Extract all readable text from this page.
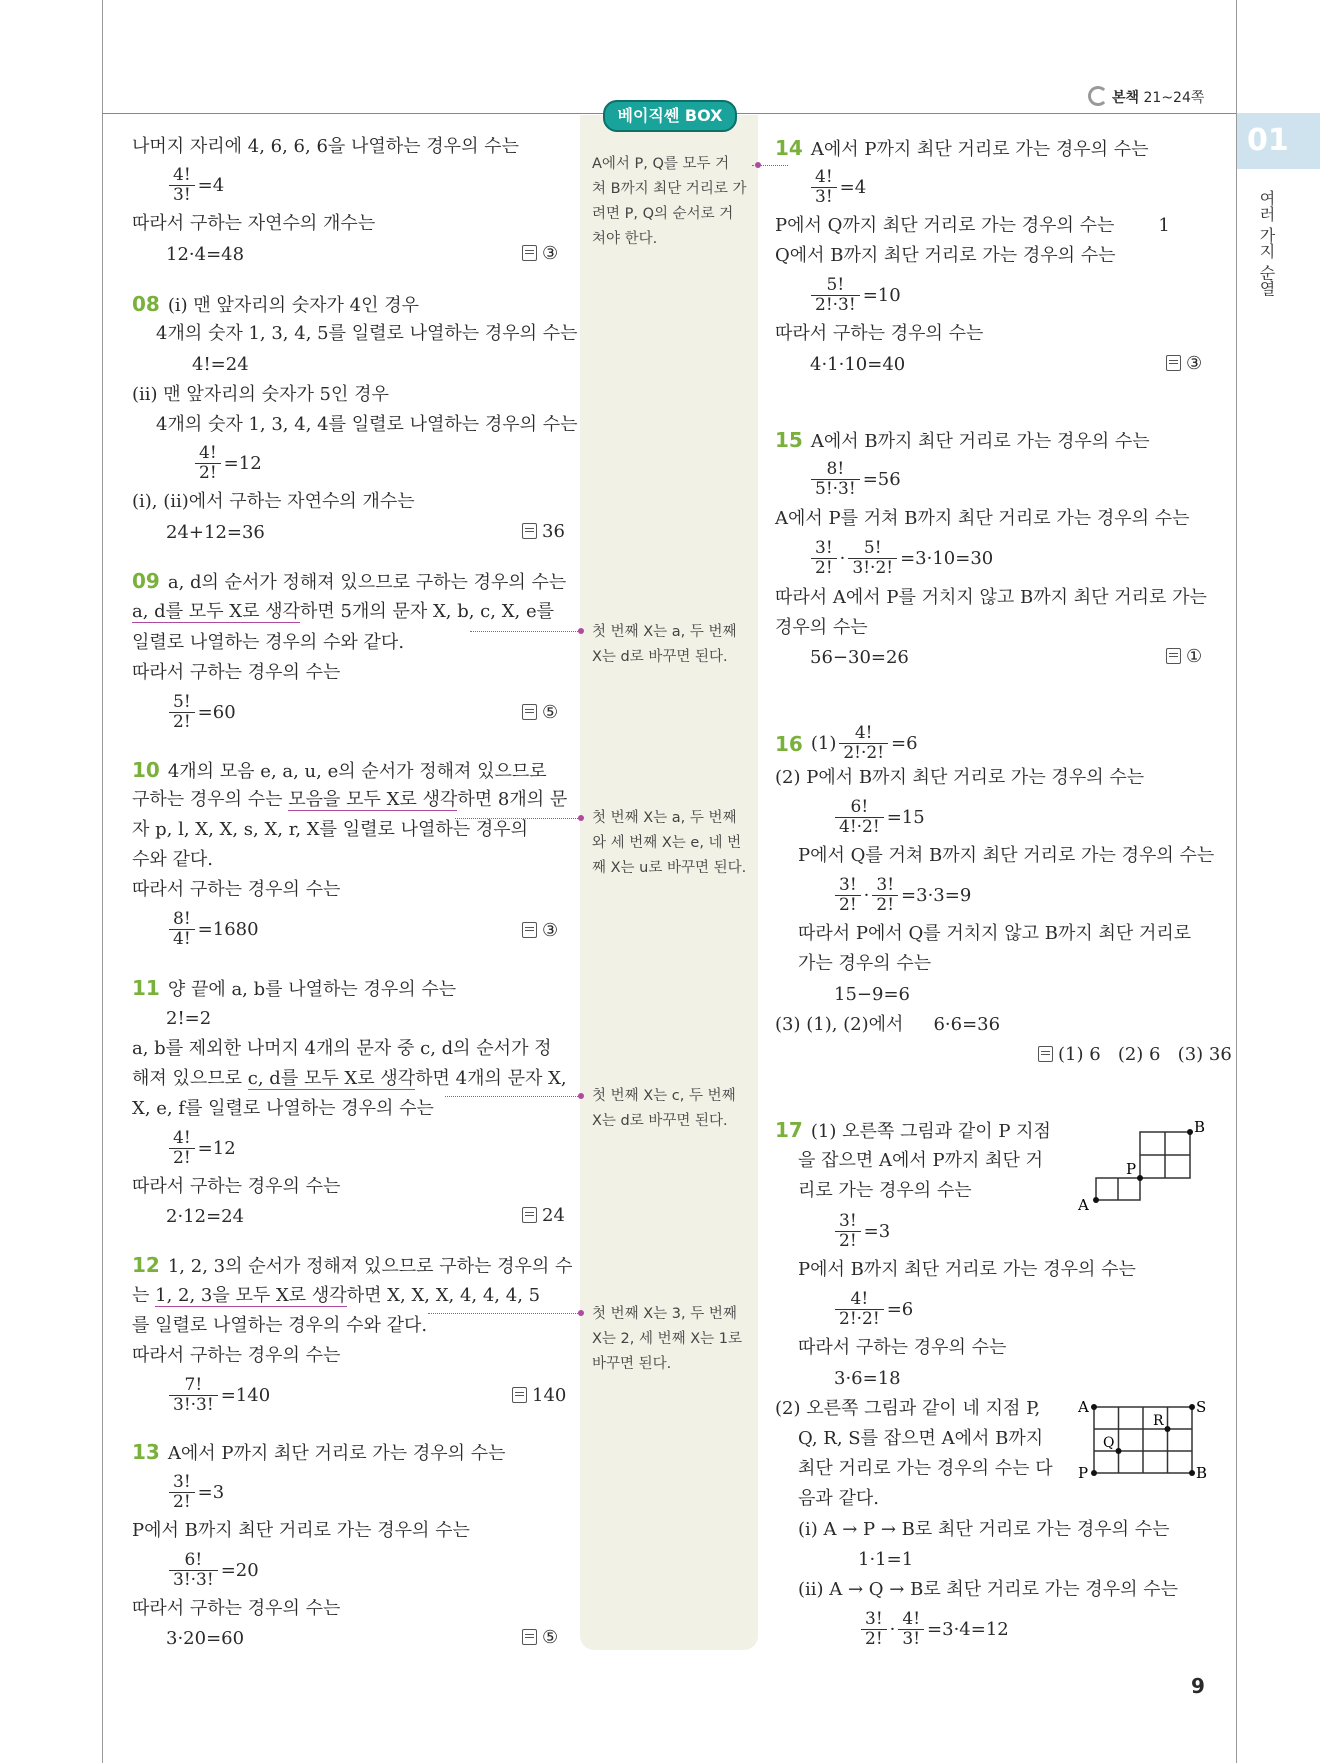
본책 21~24쪽
베이직쎈 BOX
01
여러 가지 순열
9
나머지 자리에 4, 6, 6, 6을 나열하는 경우의 수는
$\frac{4!}{3!} =4$
따라서 구하는 자연수의 개수는
12·4=48	③
08 (i) 맨 앞자리의 숫자가 4인 경우
4개의 숫자 1, 3, 4, 5를 일렬로 나열하는 경우의 수는
4!=24
(ii) 맨 앞자리의 숫자가 5인 경우
4개의 숫자 1, 3, 4, 4를 일렬로 나열하는 경우의 수는
$\frac{4!}{2!} =12$
(i), (ii)에서 구하는 자연수의 개수는
24+12=36	36
09 a, d의 순서가 정해져 있으므로 구하는 경우의 수는
a, d를 모두 X로 생각하면 5개의 문자 X, b, c, X, e를
일렬로 나열하는 경우의 수와 같다.
따라서 구하는 경우의 수는
$\frac{5!}{2!} =60$	⑤
10 4개의 모음 e, a, u, e의 순서가 정해져 있으므로
구하는 경우의 수는 모음을 모두 X로 생각하면 8개의 문
자 p, l, X, X, s, X, r, X를 일렬로 나열하는 경우의
수와 같다.
따라서 구하는 경우의 수는
$\frac{8!}{4!} =1680$	③
11 양 끝에 a, b를 나열하는 경우의 수는
2!=2
a, b를 제외한 나머지 4개의 문자 중 c, d의 순서가 정
해져 있으므로 c, d를 모두 X로 생각하면 4개의 문자 X,
X, e, f를 일렬로 나열하는 경우의 수는
$\frac{4!}{2!} =12$
따라서 구하는 경우의 수는
2·12=24	24
12 1, 2, 3의 순서가 정해져 있으므로 구하는 경우의 수
는 1, 2, 3을 모두 X로 생각하면 X, X, X, 4, 4, 4, 5
를 일렬로 나열하는 경우의 수와 같다.
따라서 구하는 경우의 수는
$\frac{7!}{3!\cdot 3!} =140$	140
13 A에서 P까지 최단 거리로 가는 경우의 수는
$\frac{3!}{2!} =3$
P에서 B까지 최단 거리로 가는 경우의 수는
$\frac{6!}{3!\cdot 3!} =20$
따라서 구하는 경우의 수는
3·20=60	⑤
A에서 P, Q를 모두 거
쳐 B까지 최단 거리로 가
려면 P, Q의 순서로 거
쳐야 한다.
첫 번째 X는 a, 두 번째
X는 d로 바꾸면 된다.
첫 번째 X는 a, 두 번째
와 세 번째 X는 e, 네 번
째 X는 u로 바꾸면 된다.
첫 번째 X는 c, 두 번째
X는 d로 바꾸면 된다.
첫 번째 X는 3, 두 번째
X는 2, 세 번째 X는 1로
바꾸면 된다.
14 A에서 P까지 최단 거리로 가는 경우의 수는
$\frac{4!}{3!} =4$
P에서 Q까지 최단 거리로 가는 경우의 수는 1
Q에서 B까지 최단 거리로 가는 경우의 수는
$\frac{5!}{2!\cdot 3!} =10$
따라서 구하는 경우의 수는
4·1·10=40	③
15 A에서 B까지 최단 거리로 가는 경우의 수는
$\frac{8!}{5!\cdot 3!} =56$
A에서 P를 거쳐 B까지 최단 거리로 가는 경우의 수는
$\frac{3!}{2!} \cdot \frac{5!}{3!\cdot 2!} =3\cdot 10=30$
따라서 A에서 P를 거치지 않고 B까지 최단 거리로 가는
경우의 수는
56−30=26	①
16 $(1) \frac{4!}{2!\cdot 2!} =6$
(2) P에서 B까지 최단 거리로 가는 경우의 수는
$\frac{6!}{4!\cdot 2!} =15$
P에서 Q를 거쳐 B까지 최단 거리로 가는 경우의 수는
$\frac{3!}{2!} \cdot \frac{3!}{2!} =3\cdot 3=9$
따라서 P에서 Q를 거치지 않고 B까지 최단 거리로
가는 경우의 수는
15−9=6
(3) (1), (2)에서 6·6=36
(1) 6   (2) 6   (3) 36
17 (1) 오른쪽 그림과 같이 P 지점
을 잡으면 A에서 P까지 최단 거
리로 가는 경우의 수는
$\frac{3!}{2!} =3$
P에서 B까지 최단 거리로 가는 경우의 수는
$\frac{4!}{2!\cdot 2!} =6$
따라서 구하는 경우의 수는
3·6=18
(2) 오른쪽 그림과 같이 네 지점 P,
Q, R, S를 잡으면 A에서 B까지
최단 거리로 가는 경우의 수는 다
음과 같다.
(i) A → P → B로 최단 거리로 가는 경우의 수는
1·1=1
(ii) A → Q → B로 최단 거리로 가는 경우의 수는
$\frac{3!}{2!} \cdot \frac{4!}{3!} =3\cdot 4=12$
A
B
P
A	S
R
Q
P	B
